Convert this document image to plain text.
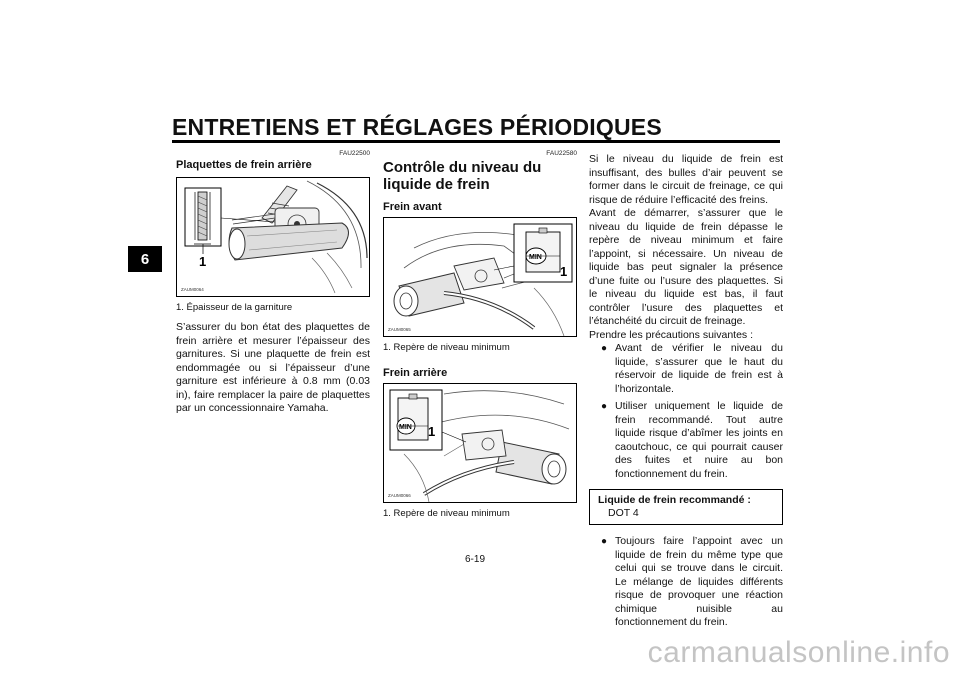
ENTRETIENS ET RÉGLAGES PÉRIODIQUES
6
FAU22500
Plaquettes de frein arrière
1
ZAUM0064
1. Épaisseur de la garniture
S’assurer du bon état des plaquettes de frein arrière et mesurer l’épaisseur des garnitures. Si une plaquette de frein est endommagée ou si l’épaisseur d’une garniture est inférieure à 0.8 mm (0.03 in), faire remplacer la paire de plaquettes par un concessionnaire Yamaha.
FAU22580
Contrôle du niveau du liquide de frein
Frein avant
MIN
1
ZAUM0065
1. Repère de niveau minimum
Frein arrière
MIN 1
ZAUM0066
1. Repère de niveau minimum
Si le niveau du liquide de frein est insuffisant, des bulles d’air peuvent se former dans le circuit de freinage, ce qui risque de réduire l’efficacité des freins.
Avant de démarrer, s’assurer que le niveau du liquide de frein dépasse le repère de niveau minimum et faire l’appoint, si nécessaire. Un niveau de liquide bas peut signaler la présence d’une fuite ou l’usure des plaquettes. Si le niveau du liquide est bas, il faut contrôler l’usure des plaquettes et l’étanchéité du circuit de freinage.
Prendre les précautions suivantes :
● Avant de vérifier le niveau du liquide, s’assurer que le haut du réservoir de liquide de frein est à l’horizontale.
● Utiliser uniquement le liquide de frein recommandé. Tout autre liquide risque d’abîmer les joints en caoutchouc, ce qui pourrait causer des fuites et nuire au bon fonctionnement du frein.
Liquide de frein recommandé :
DOT 4
● Toujours faire l’appoint avec un liquide de frein du même type que celui qui se trouve dans le circuit. Le mélange de liquides différents risque de provoquer une réaction chimique nuisible au fonctionnement du frein.
6-19
carmanualsonline.info
